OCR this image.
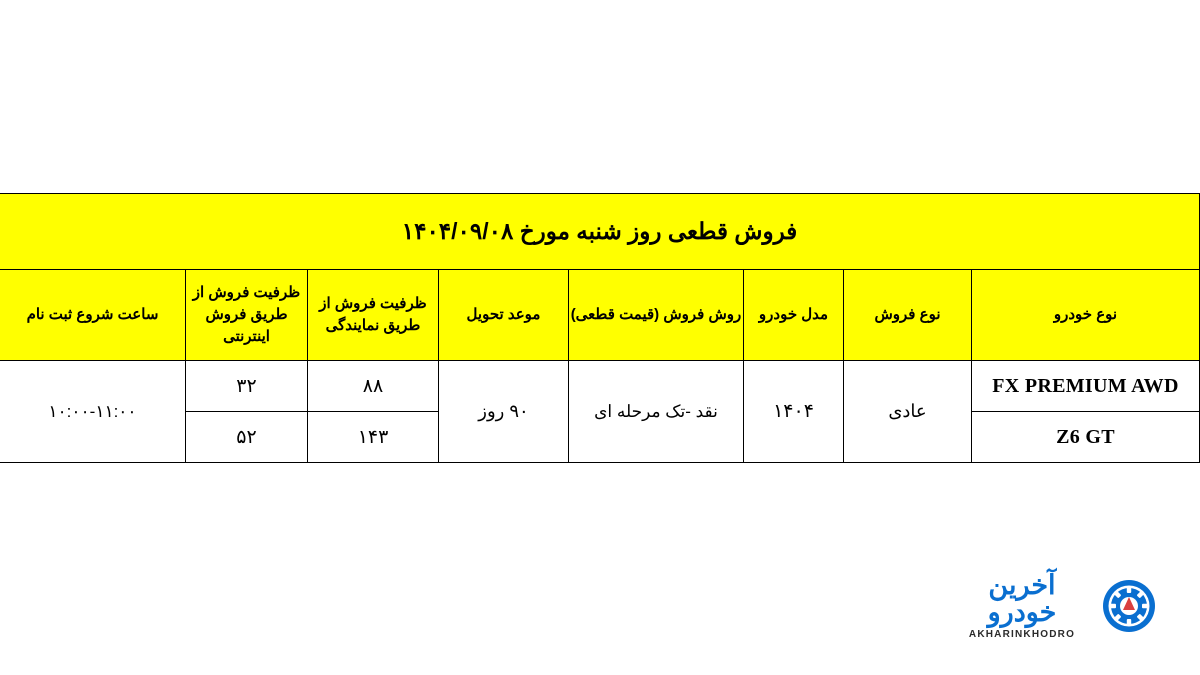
فروش قطعی روز شنبه مورخ ۱۴۰۴/۰۹/۰۸							
نوع خودرو	نوع فروش	مدل خودرو	روش فروش (قیمت قطعی)	موعد تحویل	ظرفیت فروش از طریق نمایندگی	ظرفیت فروش از طریق فروش اینترنتی	ساعت شروع ثبت نام
FX PREMIUM AWD	عادی	۱۴۰۴	نقد -تک مرحله ای	۹۰ روز	۸۸	۳۲	۱۰:۰۰-۱۱:۰۰
Z6 GT					۱۴۳	۵۲	
آخرین خودرو
AKHARINKHODRO
